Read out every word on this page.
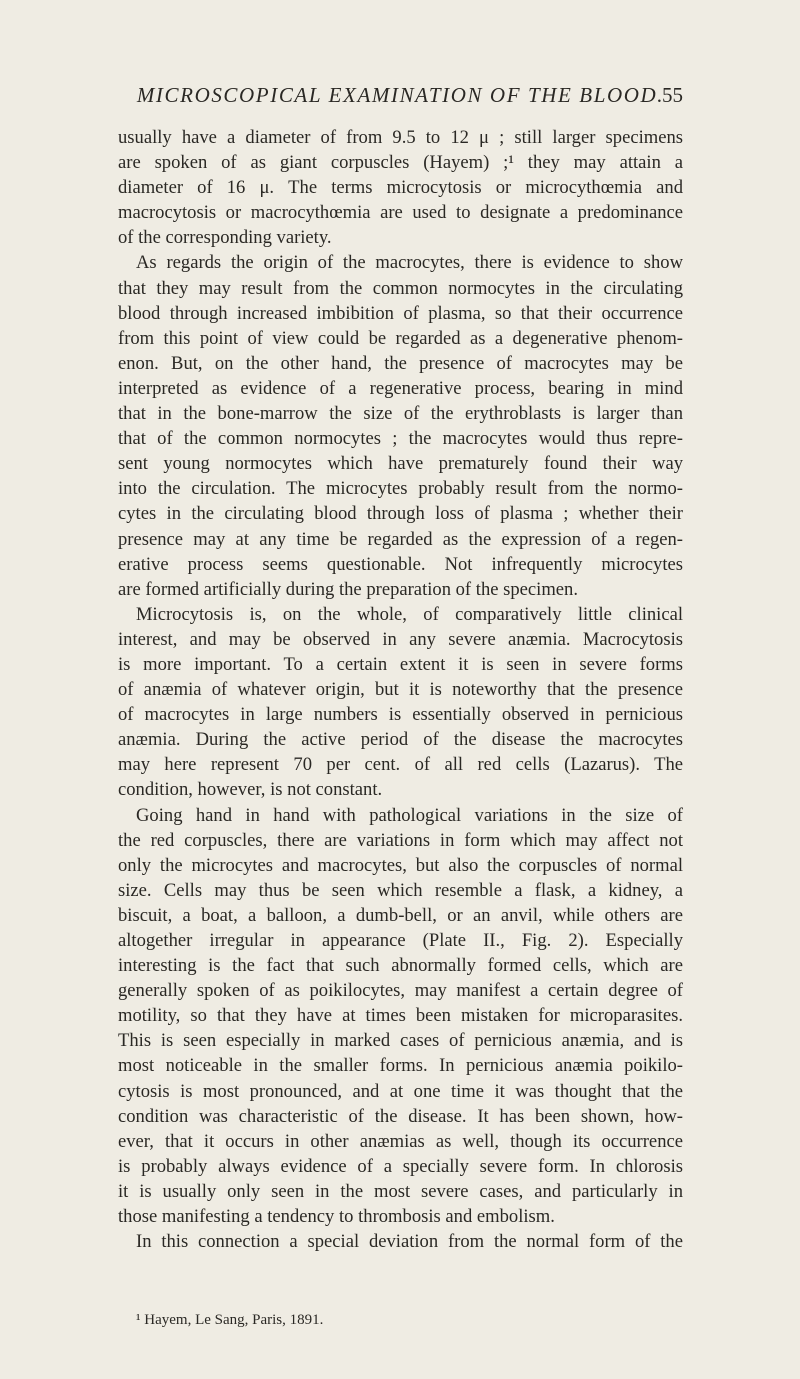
MICROSCOPICAL EXAMINATION OF THE BLOOD.
55
usually have a diameter of from 9.5 to 12 μ ; still larger specimens
are spoken of as giant corpuscles (Hayem) ;¹ they may attain a
diameter of 16 μ. The terms microcytosis or microcythœmia and
macrocytosis or macrocythœmia are used to designate a predominance
of the corresponding variety.
As regards the origin of the macrocytes, there is evidence to show
that they may result from the common normocytes in the circulating
blood through increased imbibition of plasma, so that their occurrence
from this point of view could be regarded as a degenerative phenom-
enon. But, on the other hand, the presence of macrocytes may be
interpreted as evidence of a regenerative process, bearing in mind
that in the bone-marrow the size of the erythroblasts is larger than
that of the common normocytes ; the macrocytes would thus repre-
sent young normocytes which have prematurely found their way
into the circulation. The microcytes probably result from the normo-
cytes in the circulating blood through loss of plasma ; whether their
presence may at any time be regarded as the expression of a regen-
erative process seems questionable. Not infrequently microcytes
are formed artificially during the preparation of the specimen.
Microcytosis is, on the whole, of comparatively little clinical
interest, and may be observed in any severe anæmia. Macrocytosis
is more important. To a certain extent it is seen in severe forms
of anæmia of whatever origin, but it is noteworthy that the presence
of macrocytes in large numbers is essentially observed in pernicious
anæmia. During the active period of the disease the macrocytes
may here represent 70 per cent. of all red cells (Lazarus). The
condition, however, is not constant.
Going hand in hand with pathological variations in the size of
the red corpuscles, there are variations in form which may affect not
only the microcytes and macrocytes, but also the corpuscles of normal
size. Cells may thus be seen which resemble a flask, a kidney, a
biscuit, a boat, a balloon, a dumb-bell, or an anvil, while others are
altogether irregular in appearance (Plate II., Fig. 2). Especially
interesting is the fact that such abnormally formed cells, which are
generally spoken of as poikilocytes, may manifest a certain degree of
motility, so that they have at times been mistaken for microparasites.
This is seen especially in marked cases of pernicious anæmia, and is
most noticeable in the smaller forms. In pernicious anæmia poikilo-
cytosis is most pronounced, and at one time it was thought that the
condition was characteristic of the disease. It has been shown, how-
ever, that it occurs in other anæmias as well, though its occurrence
is probably always evidence of a specially severe form. In chlorosis
it is usually only seen in the most severe cases, and particularly in
those manifesting a tendency to thrombosis and embolism.
In this connection a special deviation from the normal form of the
¹ Hayem, Le Sang, Paris, 1891.
